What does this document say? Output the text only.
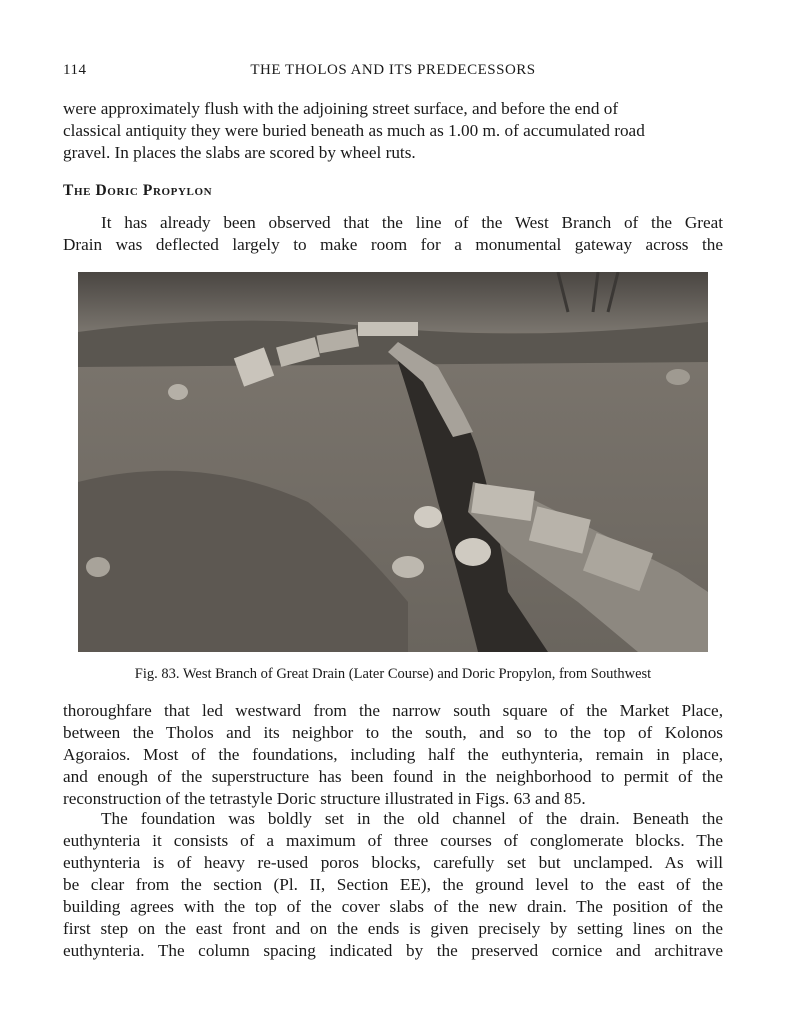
114	THE THOLOS AND ITS PREDECESSORS
were approximately flush with the adjoining street surface, and before the end of
classical antiquity they were buried beneath as much as 1.00 m. of accumulated road
gravel. In places the slabs are scored by wheel ruts.
The Doric Propylon
It has already been observed that the line of the West Branch of the Great
Drain was deflected largely to make room for a monumental gateway across the
Fig. 83. West Branch of Great Drain (Later Course) and Doric Propylon, from Southwest
thoroughfare that led westward from the narrow south square of the Market Place,
between the Tholos and its neighbor to the south, and so to the top of Kolonos
Agoraios. Most of the foundations, including half the euthynteria, remain in place,
and enough of the superstructure has been found in the neighborhood to permit of the
reconstruction of the tetrastyle Doric structure illustrated in Figs. 63 and 85.
The foundation was boldly set in the old channel of the drain. Beneath the
euthynteria it consists of a maximum of three courses of conglomerate blocks. The
euthynteria is of heavy re-used poros blocks, carefully set but unclamped. As will
be clear from the section (Pl. II, Section EE), the ground level to the east of the
building agrees with the top of the cover slabs of the new drain. The position of the
first step on the east front and on the ends is given precisely by setting lines on the
euthynteria. The column spacing indicated by the preserved cornice and architrave
